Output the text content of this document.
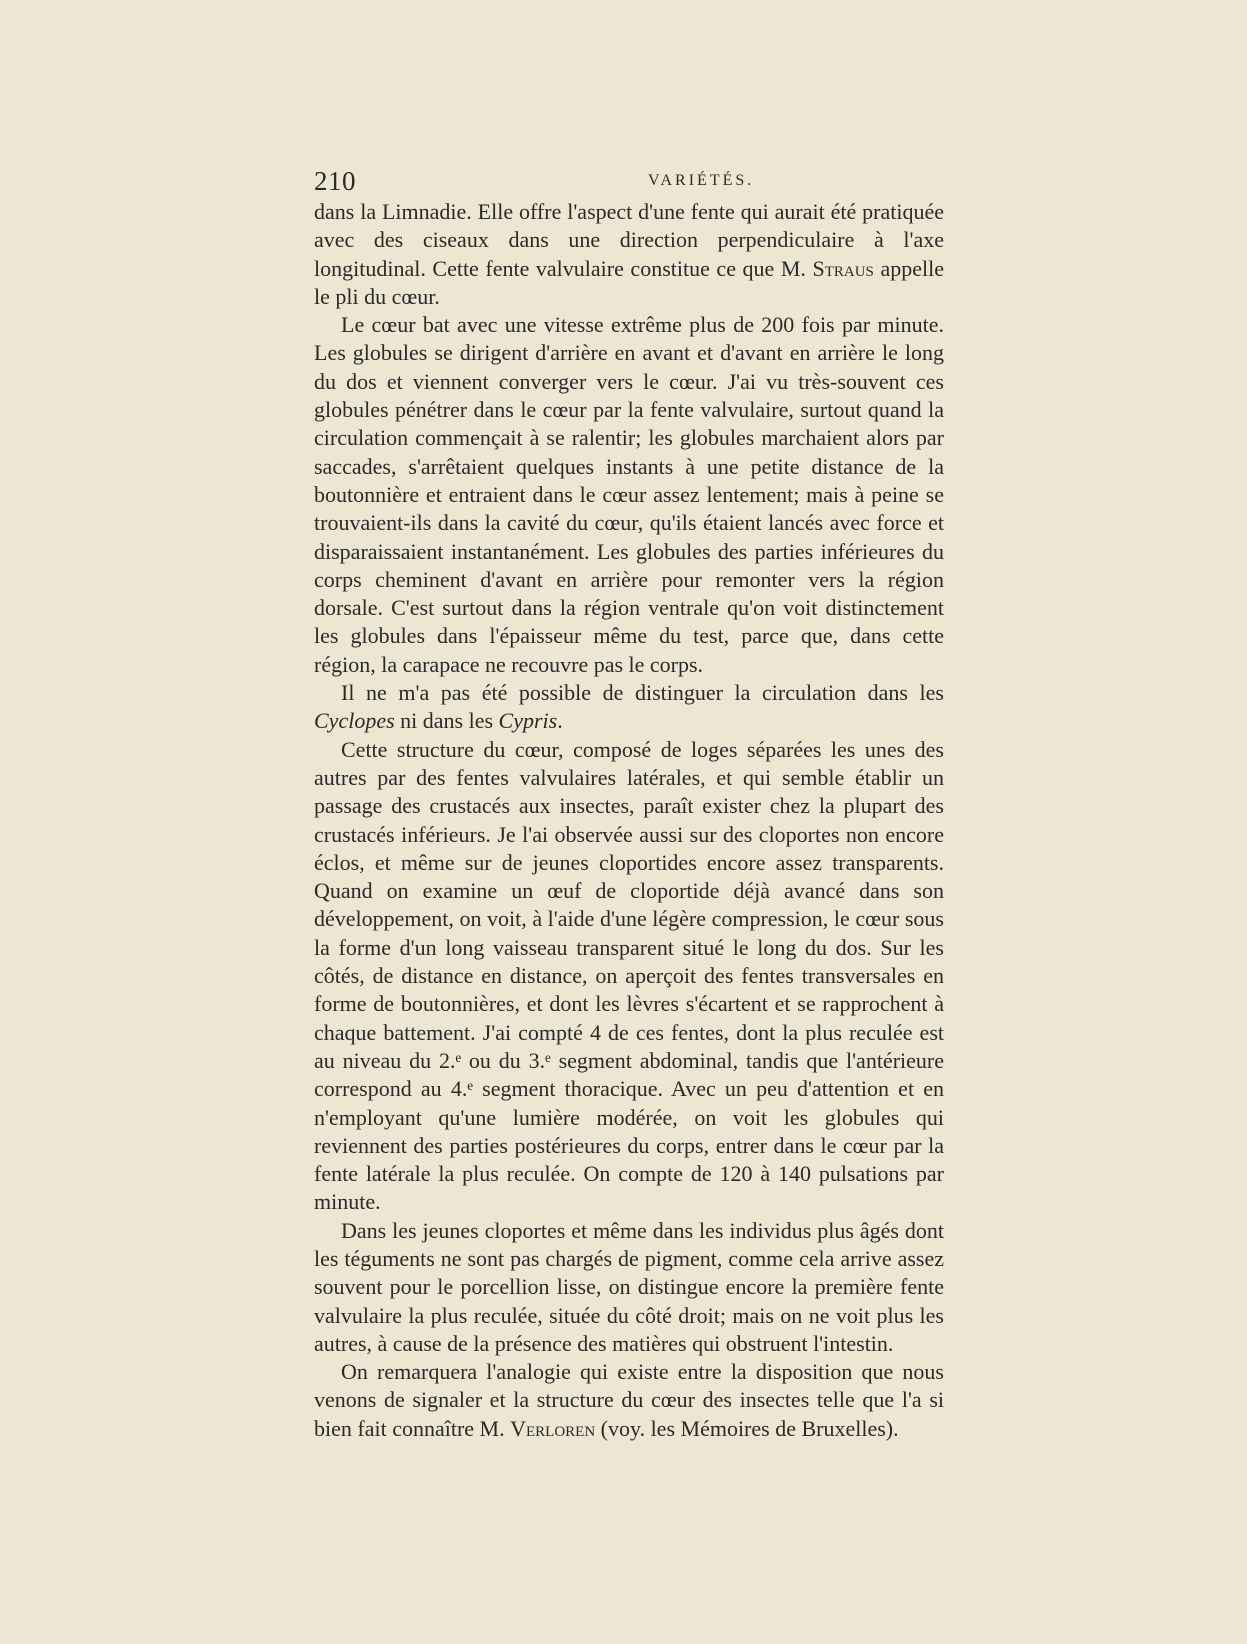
210	VARIÉTÉS.

dans la Limnadie. Elle offre l'aspect d'une fente qui aurait été pratiquée avec des ciseaux dans une direction perpendiculaire à l'axe longitudinal. Cette fente valvulaire constitue ce que M. Straus appelle le pli du cœur.

Le cœur bat avec une vitesse extrême plus de 200 fois par minute. Les globules se dirigent d'arrière en avant et d'avant en arrière le long du dos et viennent converger vers le cœur. J'ai vu très-souvent ces globules pénétrer dans le cœur par la fente valvulaire, surtout quand la circulation commençait à se ralentir; les globules marchaient alors par saccades, s'arrêtaient quelques instants à une petite distance de la boutonnière et entraient dans le cœur assez lentement; mais à peine se trouvaient-ils dans la cavité du cœur, qu'ils étaient lancés avec force et disparaissaient instantanément. Les globules des parties inférieures du corps cheminent d'avant en arrière pour remonter vers la région dorsale. C'est surtout dans la région ventrale qu'on voit distinctement les globules dans l'épaisseur même du test, parce que, dans cette région, la carapace ne recouvre pas le corps.

Il ne m'a pas été possible de distinguer la circulation dans les Cyclopes ni dans les Cypris.

Cette structure du cœur, composé de loges séparées les unes des autres par des fentes valvulaires latérales, et qui semble établir un passage des crustacés aux insectes, paraît exister chez la plupart des crustacés inférieurs. Je l'ai observée aussi sur des cloportes non encore éclos, et même sur de jeunes cloportides encore assez transparents. Quand on examine un œuf de cloportide déjà avancé dans son développement, on voit, à l'aide d'une légère compression, le cœur sous la forme d'un long vaisseau transparent situé le long du dos. Sur les côtés, de distance en distance, on aperçoit des fentes transversales en forme de boutonnières, et dont les lèvres s'écartent et se rapprochent à chaque battement. J'ai compté 4 de ces fentes, dont la plus reculée est au niveau du 2.ᵉ ou du 3.ᵉ segment abdominal, tandis que l'antérieure correspond au 4.ᵉ segment thoracique. Avec un peu d'attention et en n'employant qu'une lumière modérée, on voit les globules qui reviennent des parties postérieures du corps, entrer dans le cœur par la fente latérale la plus reculée. On compte de 120 à 140 pulsations par minute.

Dans les jeunes cloportes et même dans les individus plus âgés dont les téguments ne sont pas chargés de pigment, comme cela arrive assez souvent pour le porcellion lisse, on distingue encore la première fente valvulaire la plus reculée, située du côté droit; mais on ne voit plus les autres, à cause de la présence des matières qui obstruent l'intestin.

On remarquera l'analogie qui existe entre la disposition que nous venons de signaler et la structure du cœur des insectes telle que l'a si bien fait connaître M. Verloren (voy. les Mémoires de Bruxelles).
